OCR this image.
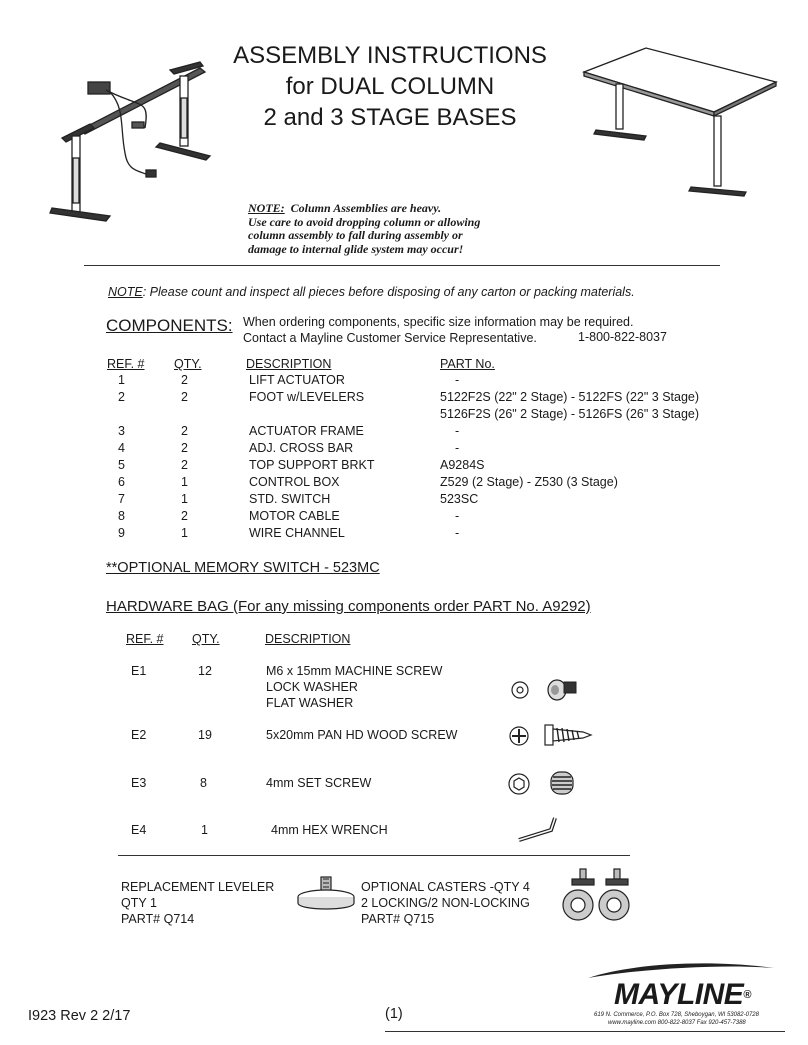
ASSEMBLY INSTRUCTIONS
for DUAL COLUMN
2 and 3 STAGE BASES
NOTE: Column Assemblies are heavy.
Use care to avoid dropping column or allowing
column assembly to fall during assembly or
damage to internal glide system may occur!
NOTE: Please count and inspect all pieces before disposing of any carton or packing materials.
COMPONENTS: When ordering components, specific size information may be required.
Contact a Mayline Customer Service Representative.	1-800-822-8037
REF. # QTY.	DESCRIPTION	PART No.
1	2	LIFT ACTUATOR	-
2	2	FOOT w/LEVELERS	5122F2S (22" 2 Stage) - 5122FS (22" 3 Stage)
5126F2S (26" 2 Stage) - 5126FS (26" 3 Stage)
3	2	ACTUATOR FRAME	-
4	2	ADJ. CROSS BAR	-
5	2	TOP SUPPORT BRKT	A9284S
6	1	CONTROL BOX	Z529 (2 Stage) - Z530 (3 Stage)
7	1	STD. SWITCH	523SC
8	2	MOTOR CABLE	-
9	1	WIRE CHANNEL	-
**OPTIONAL MEMORY SWITCH - 523MC
HARDWARE BAG (For any missing components order PART No. A9292)
REF. # QTY.	DESCRIPTION
E1	12	M6 x 15mm MACHINE SCREW
LOCK WASHER
FLAT WASHER
E2	19	5x20mm PAN HD WOOD SCREW
E3	8	4mm SET SCREW
E4	1	4mm HEX WRENCH
REPLACEMENT LEVELER
QTY 1
PART# Q714
OPTIONAL CASTERS -QTY 4
2 LOCKING/2 NON-LOCKING
PART# Q715
I923 Rev 2 2/17	(1)
MAYLINE®
619 N. Commerce, P.O. Box 728, Sheboygan, WI 53082-0728
www.mayline.com 800-822-8037 Fax 920-457-7388
